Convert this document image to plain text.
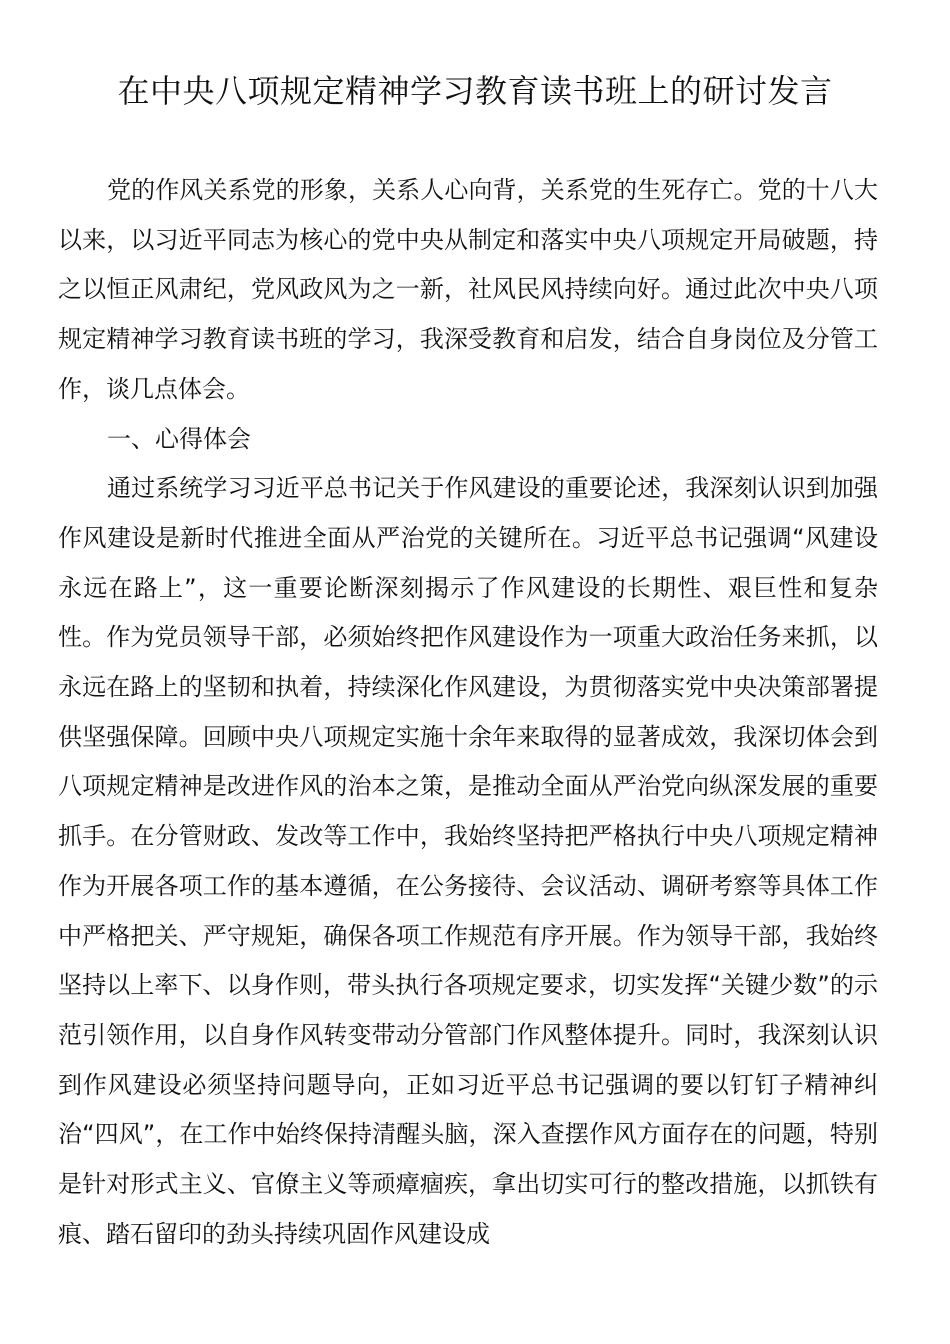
在中央八项规定精神学习教育读书班上的研讨发言

党的作风关系党的形象，关系人心向背，关系党的生死存亡。党的十八大以来，以习近平同志为核心的党中央从制定和落实中央八项规定开局破题，持之以恒正风肃纪，党风政风为之一新，社风民风持续向好。通过此次中央八项规定精神学习教育读书班的学习，我深受教育和启发，结合自身岗位及分管工作，谈几点体会。

一、心得体会

通过系统学习习近平总书记关于作风建设的重要论述，我深刻认识到加强作风建设是新时代推进全面从严治党的关键所在。习近平总书记强调“风建设永远在路上”，这一重要论断深刻揭示了作风建设的长期性、艰巨性和复杂性。作为党员领导干部，必须始终把作风建设作为一项重大政治任务来抓，以永远在路上的坚韧和执着，持续深化作风建设，为贯彻落实党中央决策部署提供坚强保障。回顾中央八项规定实施十余年来取得的显著成效，我深切体会到八项规定精神是改进作风的治本之策，是推动全面从严治党向纵深发展的重要抓手。在分管财政、发改等工作中，我始终坚持把严格执行中央八项规定精神作为开展各项工作的基本遵循，在公务接待、会议活动、调研考察等具体工作中严格把关、严守规矩，确保各项工作规范有序开展。作为领导干部，我始终坚持以上率下、以身作则，带头执行各项规定要求，切实发挥“关键少数”的示范引领作用，以自身作风转变带动分管部门作风整体提升。同时，我深刻认识到作风建设必须坚持问题导向，正如习近平总书记强调的要以钉钉子精神纠治“四风”，在工作中始终保持清醒头脑，深入查摆作风方面存在的问题，特别是针对形式主义、官僚主义等顽瘴痼疾，拿出切实可行的整改措施，以抓铁有痕、踏石留印的劲头持续巩固作风建设成
